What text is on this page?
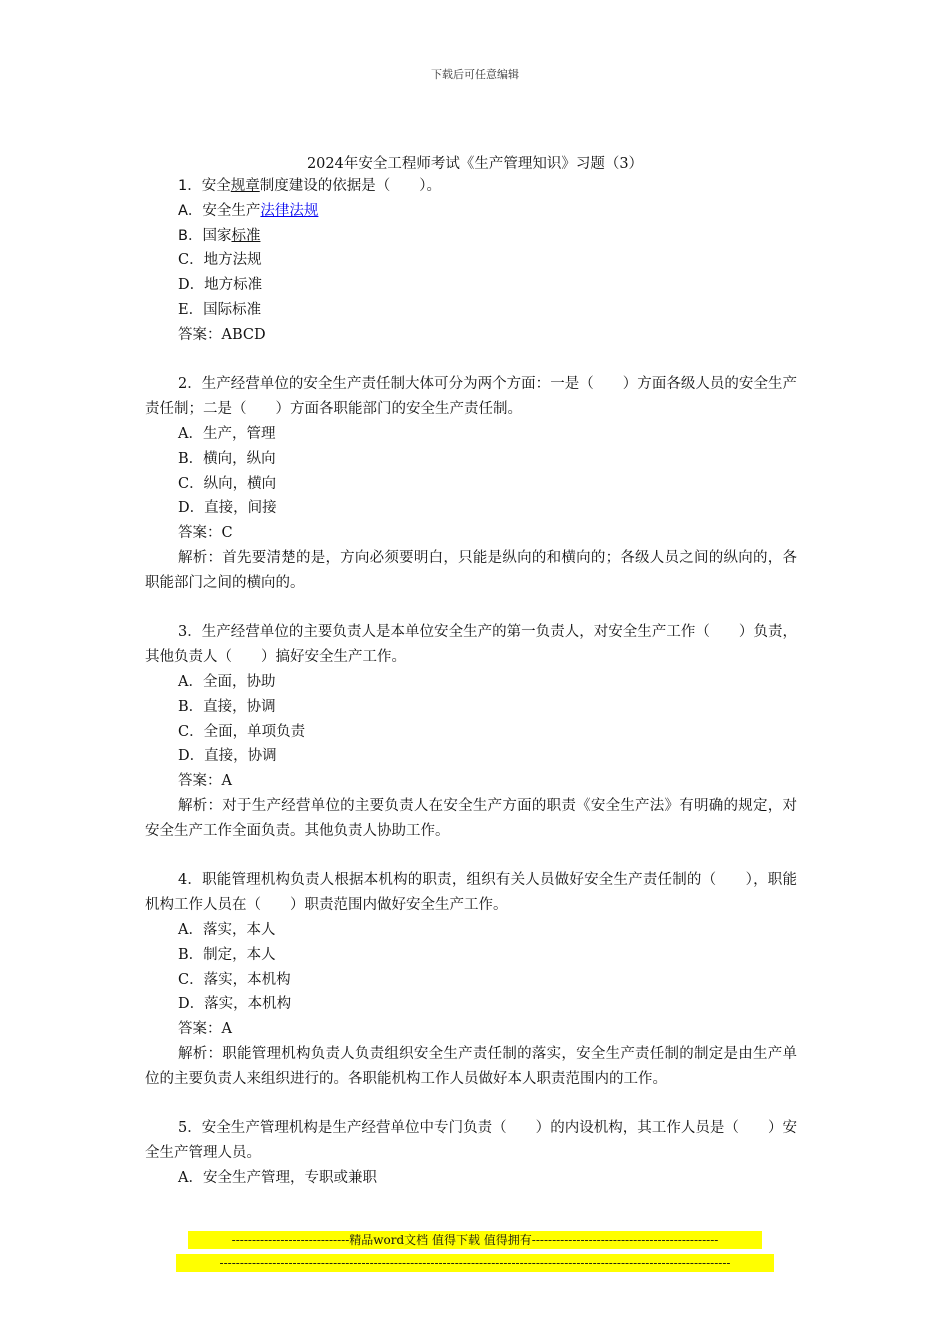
下载后可任意编辑
2024年安全工程师考试《生产管理知识》习题（3）
1．安全规章制度建设的依据是（　　）。
A．安全生产法律法规
B．国家标准
C．地方法规
D．地方标准
E．国际标准
答案：ABCD
2．生产经营单位的安全生产责任制大体可分为两个方面：一是（　　）方面各级人员的安全生产责任制；二是（　　）方面各职能部门的安全生产责任制。
A．生产，管理
B．横向，纵向
C．纵向，横向
D．直接，间接
答案：C
解析：首先要清楚的是，方向必须要明白，只能是纵向的和横向的；各级人员之间的纵向的，各职能部门之间的横向的。
3．生产经营单位的主要负责人是本单位安全生产的第一负责人，对安全生产工作（　　）负责，其他负责人（　　）搞好安全生产工作。
A．全面，协助
B．直接，协调
C．全面，单项负责
D．直接，协调
答案：A
解析：对于生产经营单位的主要负责人在安全生产方面的职责《安全生产法》有明确的规定，对安全生产工作全面负责。其他负责人协助工作。
4．职能管理机构负责人根据本机构的职责，组织有关人员做好安全生产责任制的（　　），职能机构工作人员在（　　）职责范围内做好安全生产工作。
A．落实，本人
B．制定，本人
C．落实，本机构
D．落实，本机构
答案：A
解析：职能管理机构负责人负责组织安全生产责任制的落实，安全生产责任制的制定是由生产单位的主要负责人来组织进行的。各职能机构工作人员做好本人职责范围内的工作。
5．安全生产管理机构是生产经营单位中专门负责（　　）的内设机构，其工作人员是（　　）安全生产管理人员。
A．安全生产管理，专职或兼职
-----------------------------精品word文档 值得下载 值得拥有----------------------------------------------
------------------------------------------------------------------------------------------------------------------------------
